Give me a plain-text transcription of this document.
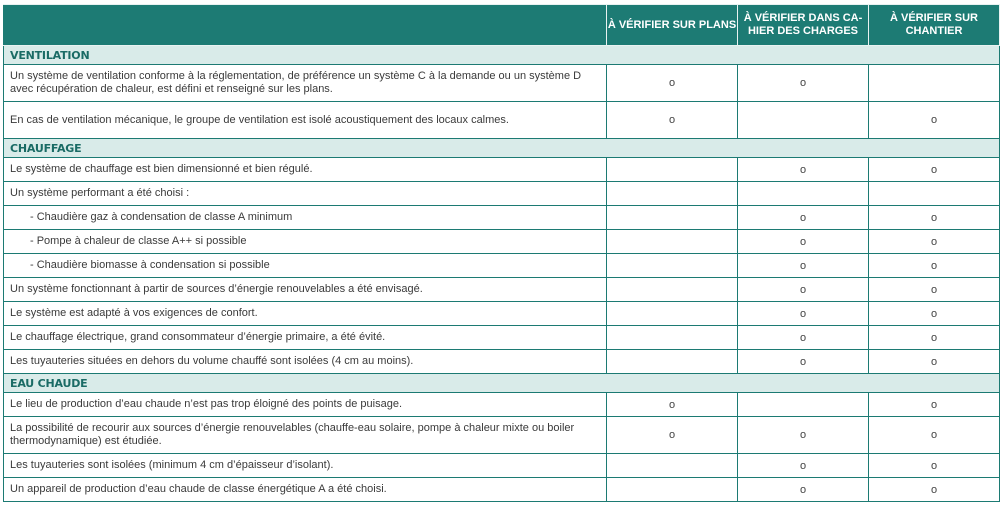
	À VÉRIFIER SUR PLANS	À VÉRIFIER DANS CA-HIER DES CHARGES	À VÉRIFIER SUR CHANTIER
VENTILATION			
Un système de ventilation conforme à la réglementation, de préférence un système C à la demande ou un système D avec récupération de chaleur, est défini et renseigné sur les plans.	o	o	
En cas de ventilation mécanique, le groupe de ventilation est isolé acoustiquement des locaux calmes.	o		o
CHAUFFAGE			
Le système de chauffage est bien dimensionné et bien régulé.		o	o
Un système performant a été choisi :			
- Chaudière gaz à condensation de classe A minimum		o	o
- Pompe à chaleur de classe A++ si possible		o	o
- Chaudière biomasse à condensation si possible		o	o
Un système fonctionnant à partir de sources d’énergie renouvelables a été envisagé.		o	o
Le système est adapté à vos exigences de confort.		o	o
Le chauffage électrique, grand consommateur d’énergie primaire, a été évité.		o	o
Les tuyauteries situées en dehors du volume chauffé sont isolées (4 cm au moins).		o	o
EAU CHAUDE			
Le lieu de production d’eau chaude n’est pas trop éloigné des points de puisage.	o		o
La possibilité de recourir aux sources d’énergie renouvelables (chauffe-eau solaire, pompe à chaleur mixte ou boiler thermodynamique) est étudiée.	o	o	o
Les tuyauteries sont isolées (minimum 4 cm d’épaisseur d’isolant).		o	o
Un appareil de production d’eau chaude de classe énergétique A a été choisi.		o	o
